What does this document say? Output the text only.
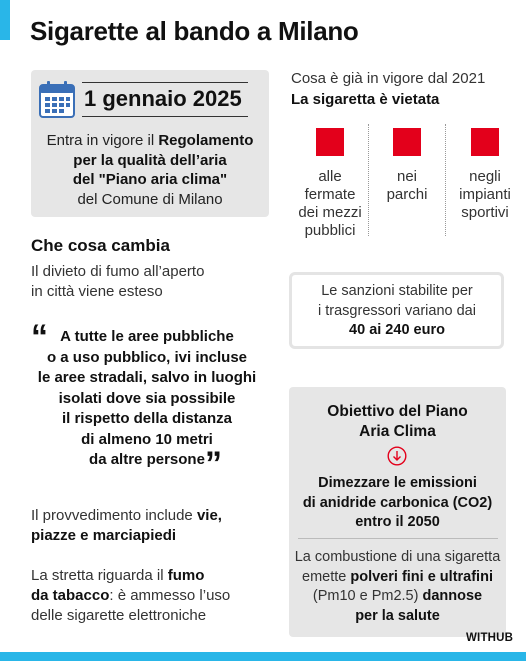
Sigarette al bando a Milano
1 gennaio 2025
Entra in vigore il Regolamento
per la qualità dell’aria
del "Piano aria clima"
del Comune di Milano
Che cosa cambia
Il divieto di fumo all’aperto
in città viene esteso
“ A tutte le aree pubbliche
o a uso pubblico, ivi incluse
le aree stradali, salvo in luoghi
isolati dove sia possibile
il rispetto della distanza
di almeno 10 metri
da altre persone ”
Il provvedimento include vie,
piazze e marciapiedi
La stretta riguarda il fumo
da tabacco: è ammesso l’uso
delle sigarette elettroniche
Cosa è già in vigore dal 2021
La sigaretta è vietata
alle
fermate
dei mezzi
pubblici
nei
parchi
negli
impianti
sportivi
Le sanzioni stabilite per
i trasgressori variano dai
40 ai 240 euro
Obiettivo del Piano
Aria Clima
Dimezzare le emissioni
di anidride carbonica (CO2)
entro il 2050
La combustione di una sigaretta
emette polveri fini e ultrafini
(Pm10 e Pm2.5) dannose
per la salute
WITHUB
